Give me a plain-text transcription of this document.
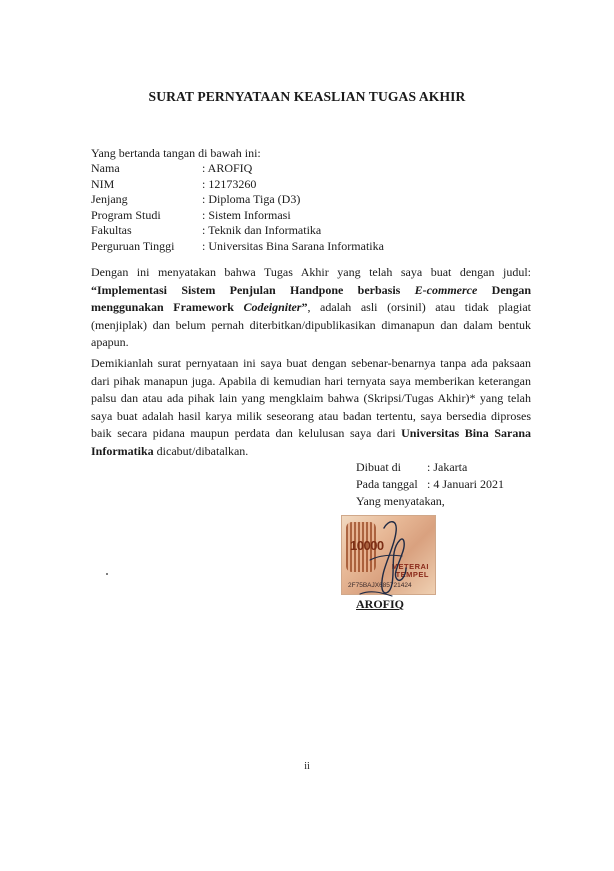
SURAT PERNYATAAN KEASLIAN TUGAS AKHIR
Yang bertanda tangan di bawah ini:
Nama	: AROFIQ
NIM	: 12173260
Jenjang	: Diploma Tiga (D3)
Program Studi	: Sistem Informasi
Fakultas	: Teknik dan Informatika
Perguruan Tinggi	: Universitas Bina Sarana Informatika

Dengan ini menyatakan bahwa Tugas Akhir yang telah saya buat dengan judul: “Implementasi Sistem Penjulan Handpone berbasis E-commerce Dengan menggunakan Framework Codeigniter”, adalah asli (orsinil) atau tidak plagiat (menjiplak) dan belum pernah diterbitkan/dipublikasikan dimanapun dan dalam bentuk apapun.

Demikianlah surat pernyataan ini saya buat dengan sebenar-benarnya tanpa ada paksaan dari pihak manapun juga. Apabila di kemudian hari ternyata saya memberikan keterangan palsu dan atau ada pihak lain yang mengklaim bahwa (Skripsi/Tugas Akhir)* yang telah saya buat adalah hasil karya milik seseorang atau badan tertentu, saya bersedia diproses baik secara pidana maupun perdata dan kelulusan saya dari Universitas Bina Sarana Informatika dicabut/dibatalkan.

Dibuat di	: Jakarta
Pada tanggal	: 4 Januari 2021
Yang menyatakan,	
10000
METERAI
TEMPEL
2F75BAJX685721424
AROFIQ
ii
